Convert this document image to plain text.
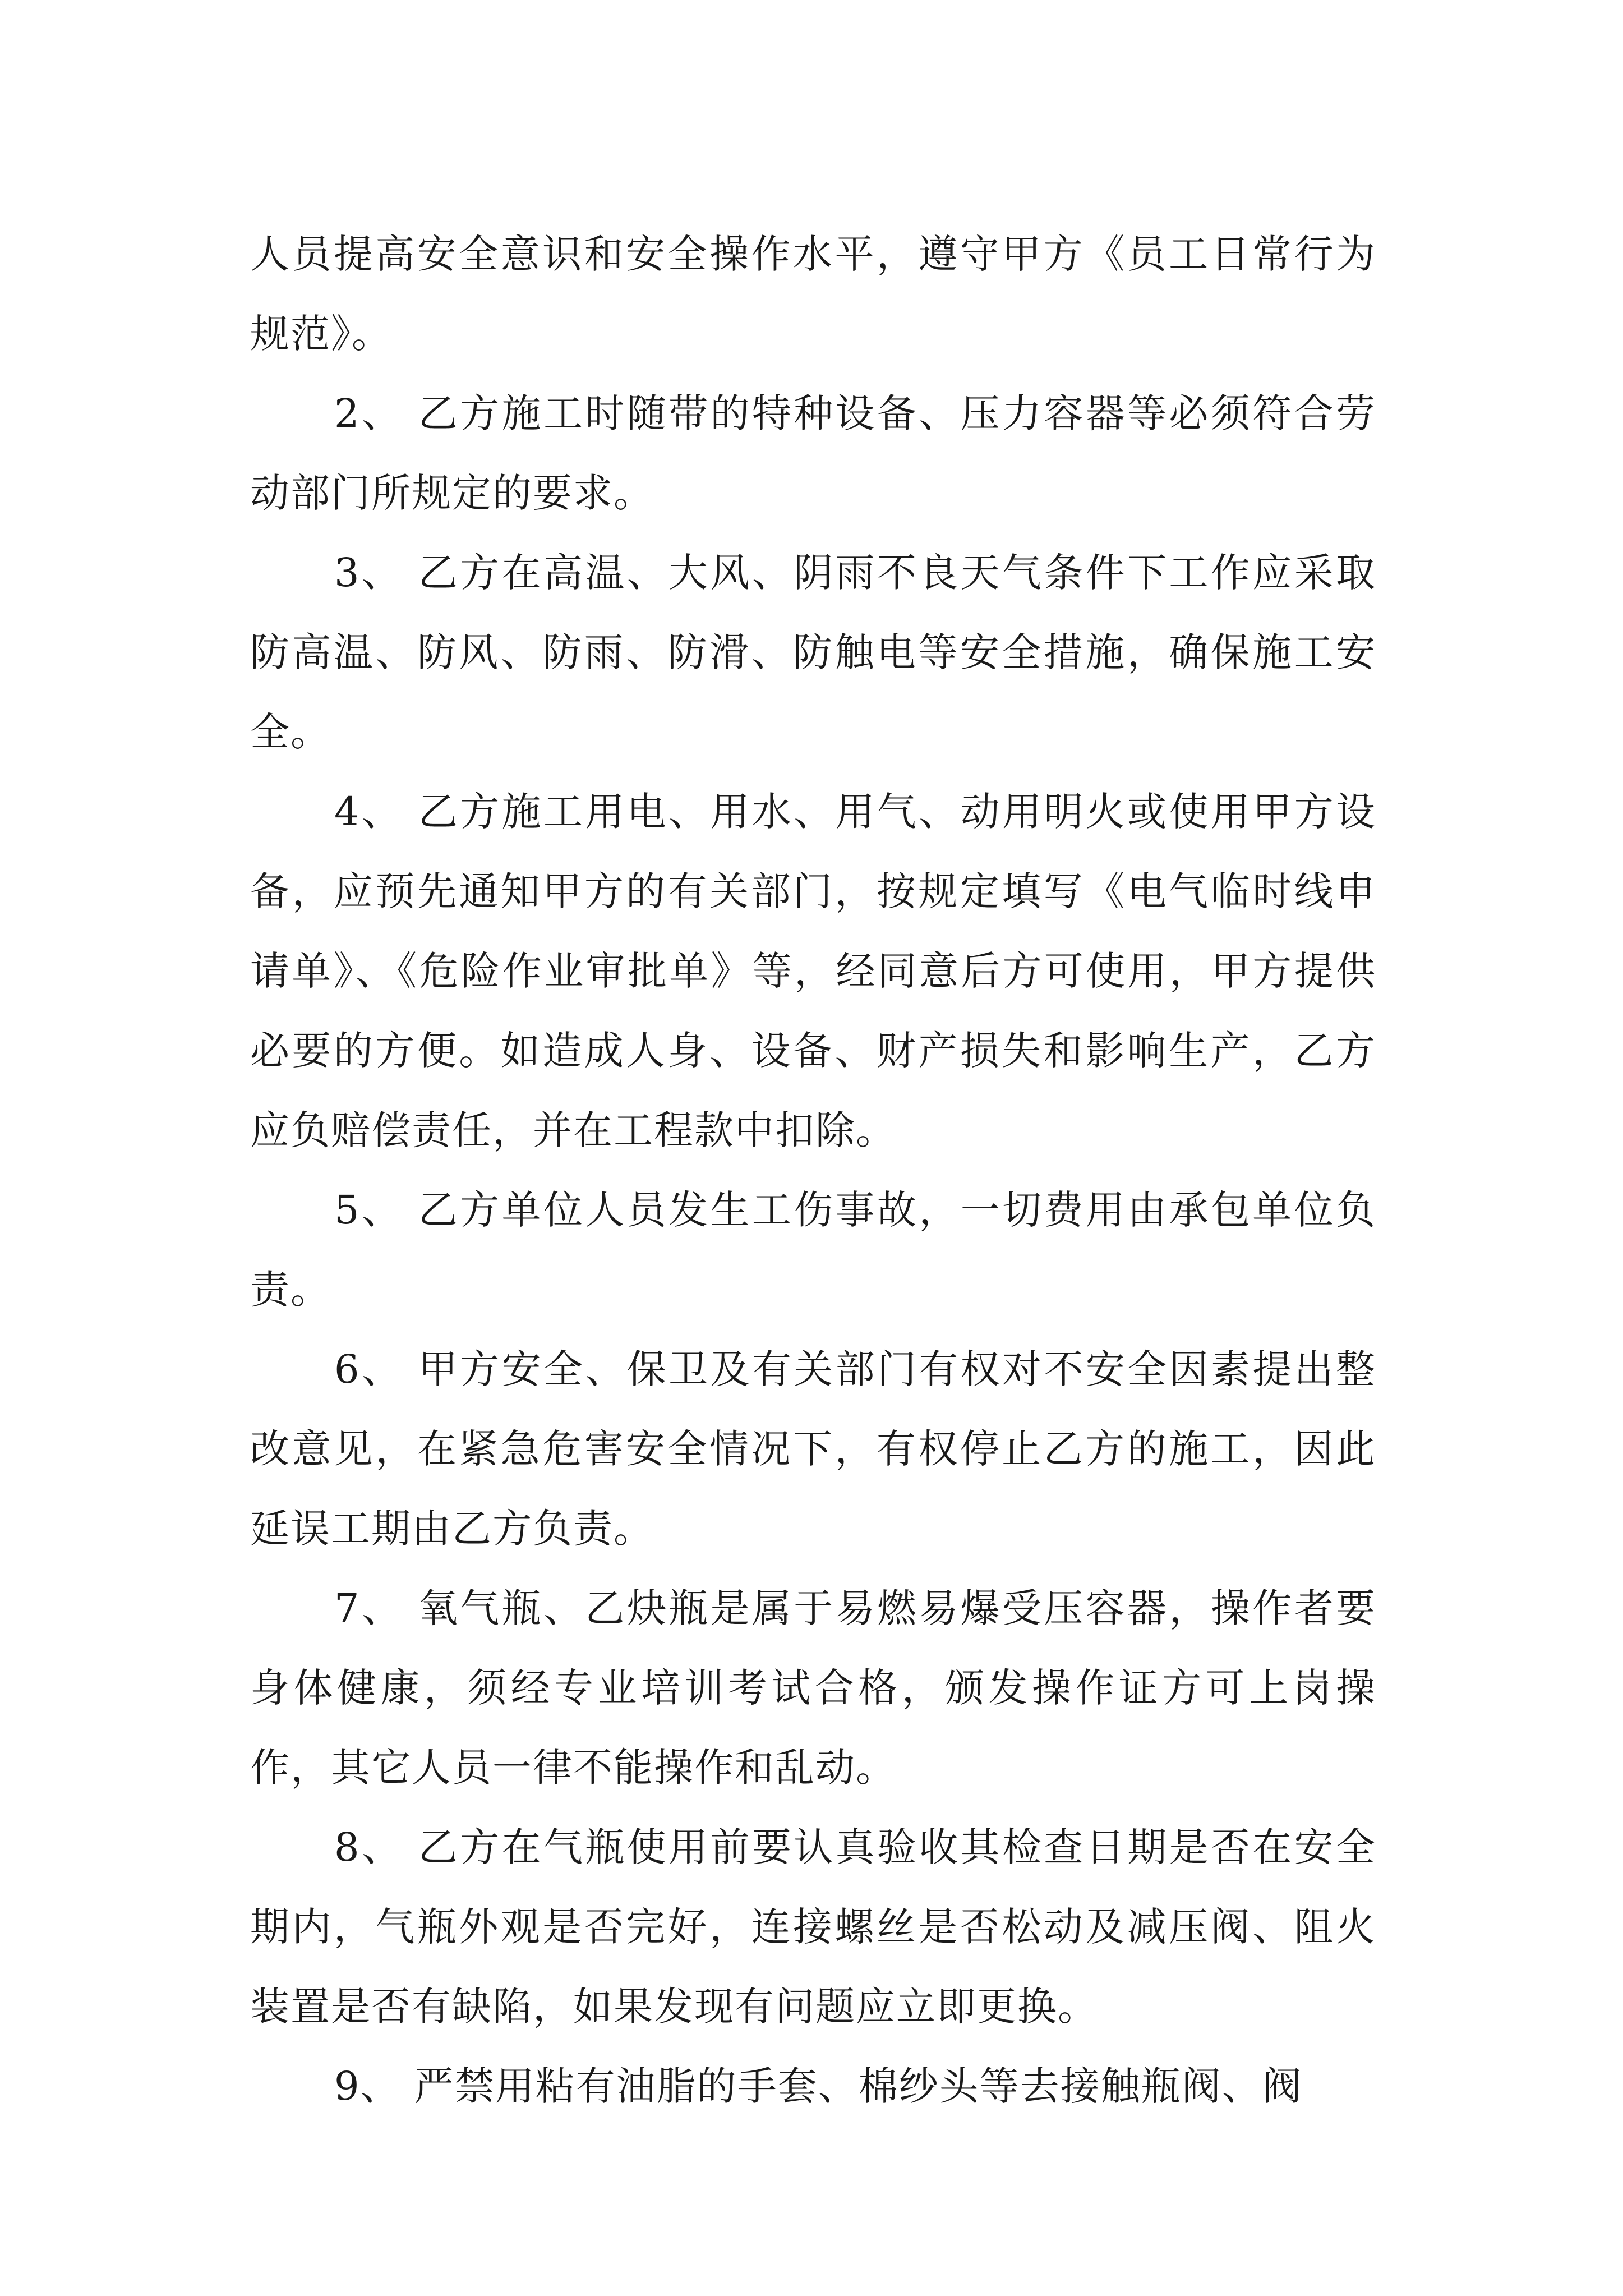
人员提高安全意识和安全操作水平，遵守甲方《员工日常行为规范》。

2、 乙方施工时随带的特种设备、压力容器等必须符合劳动部门所规定的要求。

3、 乙方在高温、大风、阴雨不良天气条件下工作应采取防高温、防风、防雨、防滑、防触电等安全措施，确保施工安全。

4、 乙方施工用电、用水、用气、动用明火或使用甲方设备，应预先通知甲方的有关部门，按规定填写《电气临时线申请单》、《危险作业审批单》等，经同意后方可使用，甲方提供必要的方便。如造成人身、设备、财产损失和影响生产，乙方应负赔偿责任，并在工程款中扣除。

5、 乙方单位人员发生工伤事故，一切费用由承包单位负责。

6、 甲方安全、保卫及有关部门有权对不安全因素提出整改意见，在紧急危害安全情况下，有权停止乙方的施工，因此延误工期由乙方负责。

7、 氧气瓶、乙炔瓶是属于易燃易爆受压容器，操作者要身体健康，须经专业培训考试合格，颁发操作证方可上岗操作，其它人员一律不能操作和乱动。

8、 乙方在气瓶使用前要认真验收其检查日期是否在安全期内，气瓶外观是否完好，连接螺丝是否松动及减压阀、阻火装置是否有缺陷，如果发现有问题应立即更换。

9、 严禁用粘有油脂的手套、棉纱头等去接触瓶阀、阀
